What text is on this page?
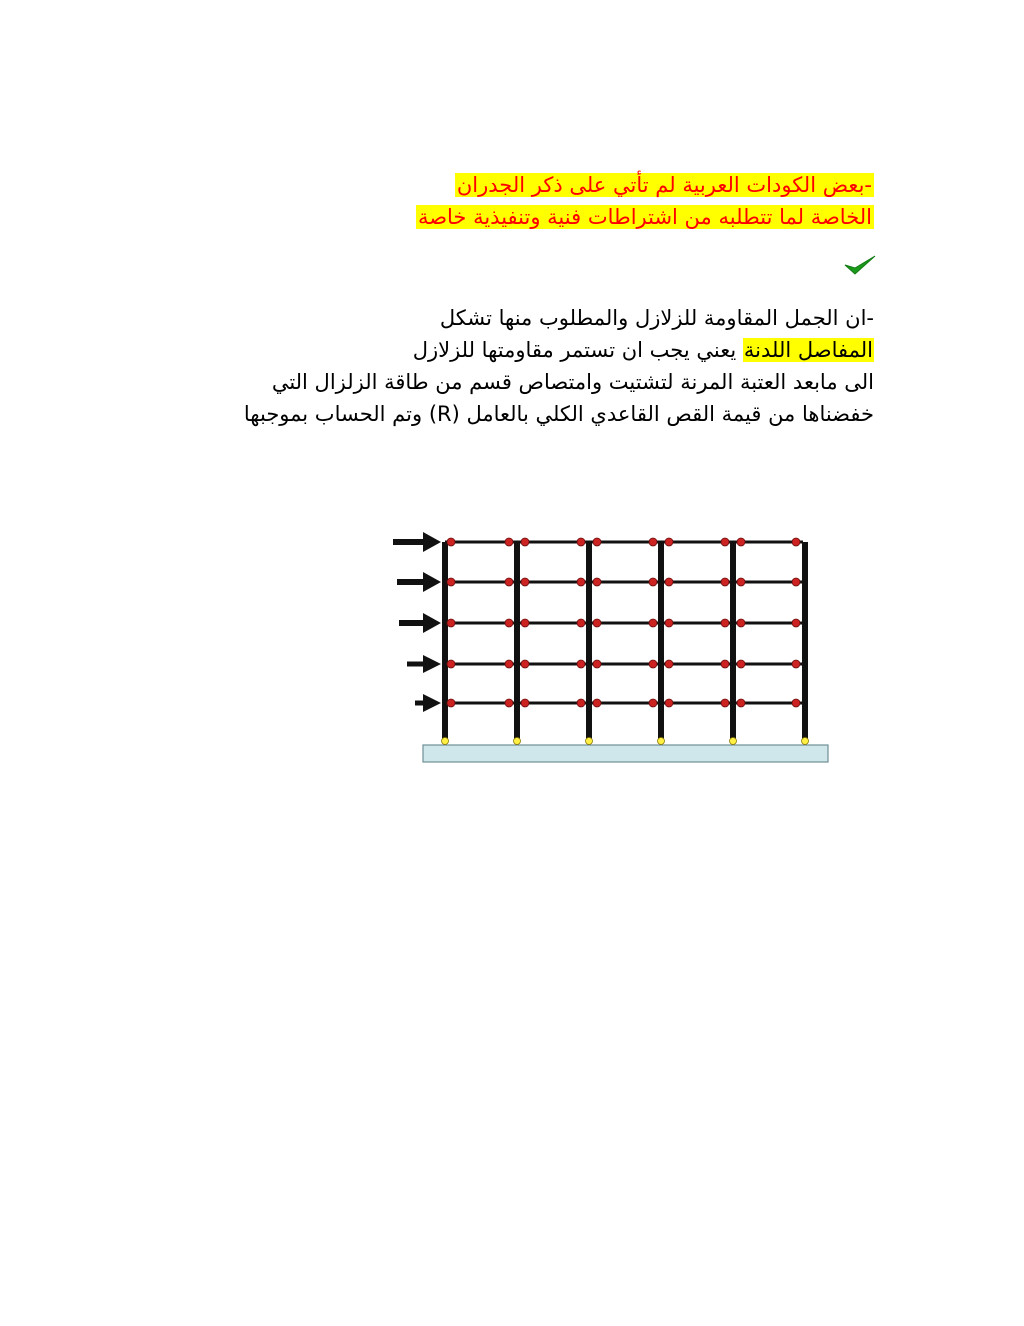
-بعض الكودات العربية لم تأتي على ذكر الجدران
الخاصة لما تتطلبه من اشتراطات فنية وتنفيذية خاصة
-ان الجمل المقاومة للزلازل والمطلوب منها تشكل
المفاصل اللدنة يعني يجب ان تستمر مقاومتها للزلازل
الى مابعد العتبة المرنة لتشتيت وامتصاص قسم من طاقة الزلزال التي
خفضناها من قيمة القص القاعدي الكلي بالعامل (R) وتم الحساب بموجبها
